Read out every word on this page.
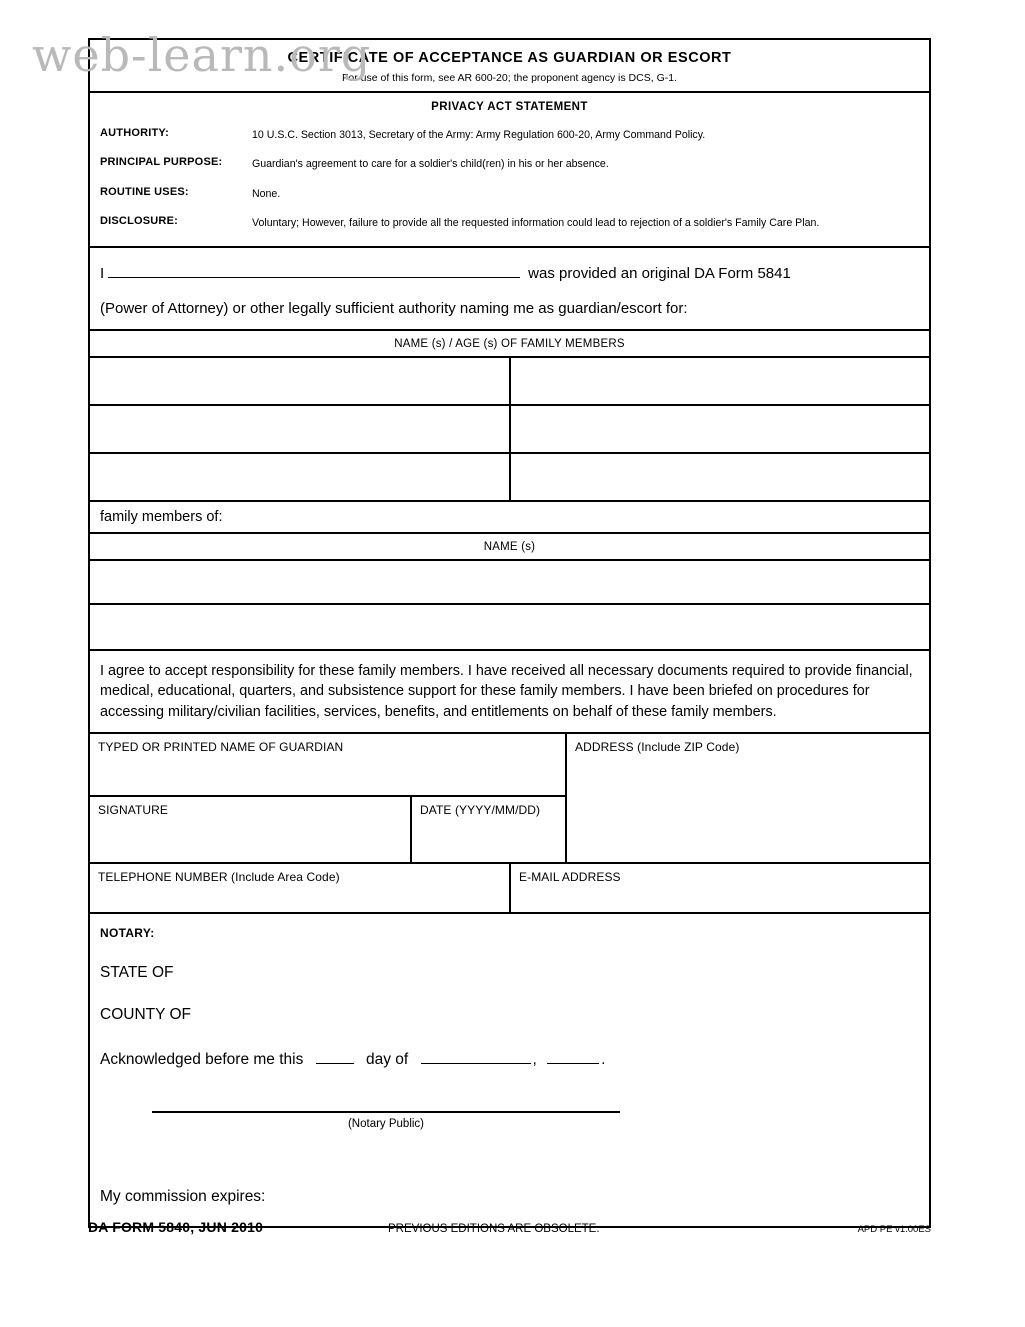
web-learn.org
CERTIFICATE OF ACCEPTANCE AS GUARDIAN OR ESCORT
For use of this form, see AR 600-20; the proponent agency is DCS, G-1.
PRIVACY ACT STATEMENT
AUTHORITY:	10 U.S.C. Section 3013, Secretary of the Army: Army Regulation 600-20, Army Command Policy.
PRINCIPAL PURPOSE:	Guardian's agreement to care for a soldier's child(ren) in his or her absence.
ROUTINE USES:	None.
DISCLOSURE:	Voluntary; However, failure to provide all the requested information could lead to rejection of a soldier's Family Care Plan.
I	was provided an original DA Form 5841
(Power of Attorney) or other legally sufficient authority naming me as guardian/escort for:
NAME (s) / AGE (s) OF FAMILY MEMBERS
family members of:
NAME (s)
I agree to accept responsibility for these family members. I have received all necessary documents required to provide financial, medical, educational, quarters, and subsistence support for these family members. I have been briefed on procedures for accessing military/civilian facilities, services, benefits, and entitlements on behalf of these family members.
TYPED OR PRINTED NAME OF GUARDIAN
SIGNATURE	DATE (YYYY/MM/DD)
ADDRESS (Include ZIP Code)
TELEPHONE NUMBER (Include Area Code)	E-MAIL ADDRESS
NOTARY:
STATE OF
COUNTY OF
Acknowledged before me this	day of	,	.
(Notary Public)
My commission expires:
DA FORM 5840, JUN 2010	PREVIOUS EDITIONS ARE OBSOLETE.	APD PE v1.00ES
